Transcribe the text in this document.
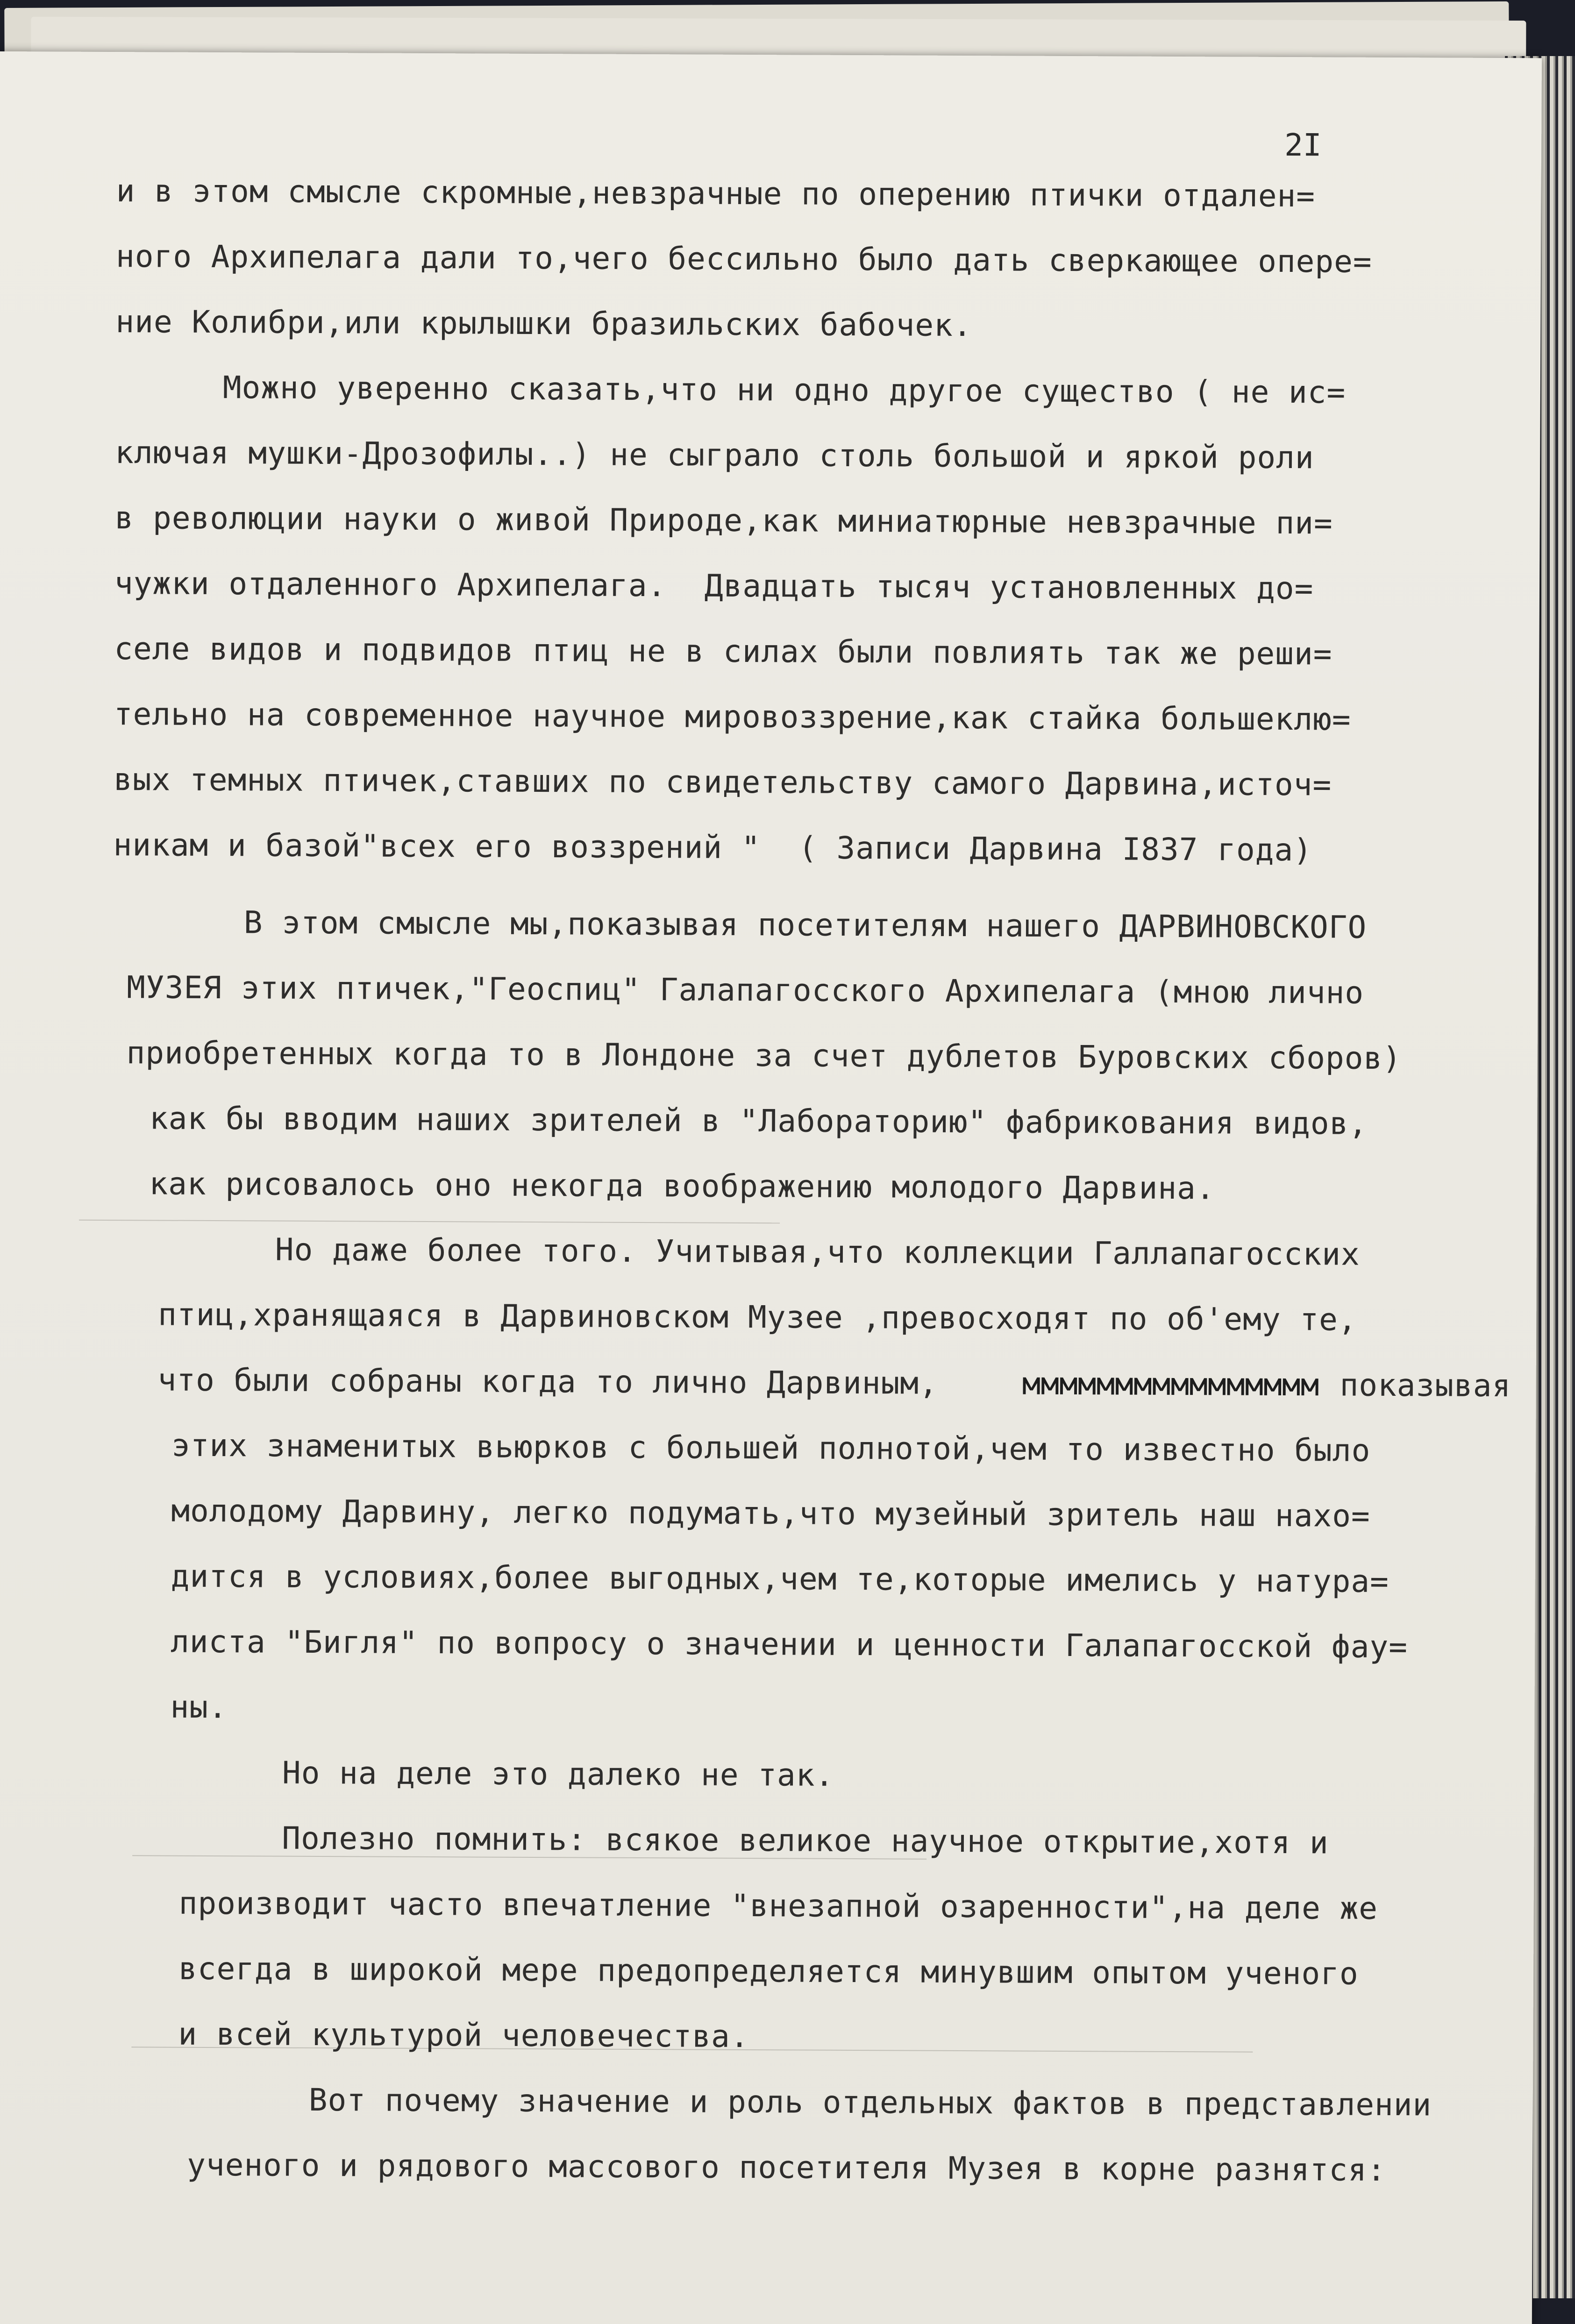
2I
и в этом смысле скромные,невзрачные по оперению птички отдален=
ного Архипелага дали то,чего бессильно было дать сверкающее опере=
ние Колибри,или крылышки бразильских бабочек.
Можно уверенно сказать,что ни одно другое существо ( не ис=
ключая мушки-Дрозофилы..) не сыграло столь большой и яркой роли
в революции науки о живой Природе,как миниатюрные невзрачные пи=
чужки отдаленного Архипелага.  Двадцать тысяч установленных до=
селе видов и подвидов птиц не в силах были повлиять так же реши=
тельно на современное научное мировоззрение,как стайка большеклю=
вых темных птичек,ставших по свидетельству самого Дарвина,источ=
никам и базой"всех его воззрений "  ( Записи Дарвина I837 года)
В этом смысле мы,показывая посетителям нашего ДАРВИНОВСКОГО
МУЗЕЯ этих птичек,"Геоспиц" Галапагосского Архипелага (мною лично
приобретенных когда то в Лондоне за счет дублетов Буровских сборов)
как бы вводим наших зрителей в "Лабораторию" фабрикования видов,
как рисовалось оно некогда воображению молодого Дарвина.
Но даже более того. Учитывая,что коллекции Галлапагосских
птиц,хранящаяся в Дарвиновском Музее ,превосходят по об'ему те,
что были собраны когда то лично Дарвиным, мммммммммммммммм показывая
этих знаменитых вьюрков с большей полнотой,чем то известно было
молодому Дарвину, легко подумать,что музейный зритель наш нахо=
дится в условиях,более выгодных,чем те,которые имелись у натура=
листа "Бигля" по вопросу о значении и ценности Галапагосской фау=
ны.
Но на деле это далеко не так.
Полезно помнить: всякое великое научное открытие,хотя и
производит часто впечатление "внезапной озаренности",на деле же
всегда в широкой мере предопределяется минувшим опытом ученого
и всей культурой человечества.
Вот почему значение и роль отдельных фактов в представлении
ученого и рядового массового посетителя Музея в корне разнятся:
